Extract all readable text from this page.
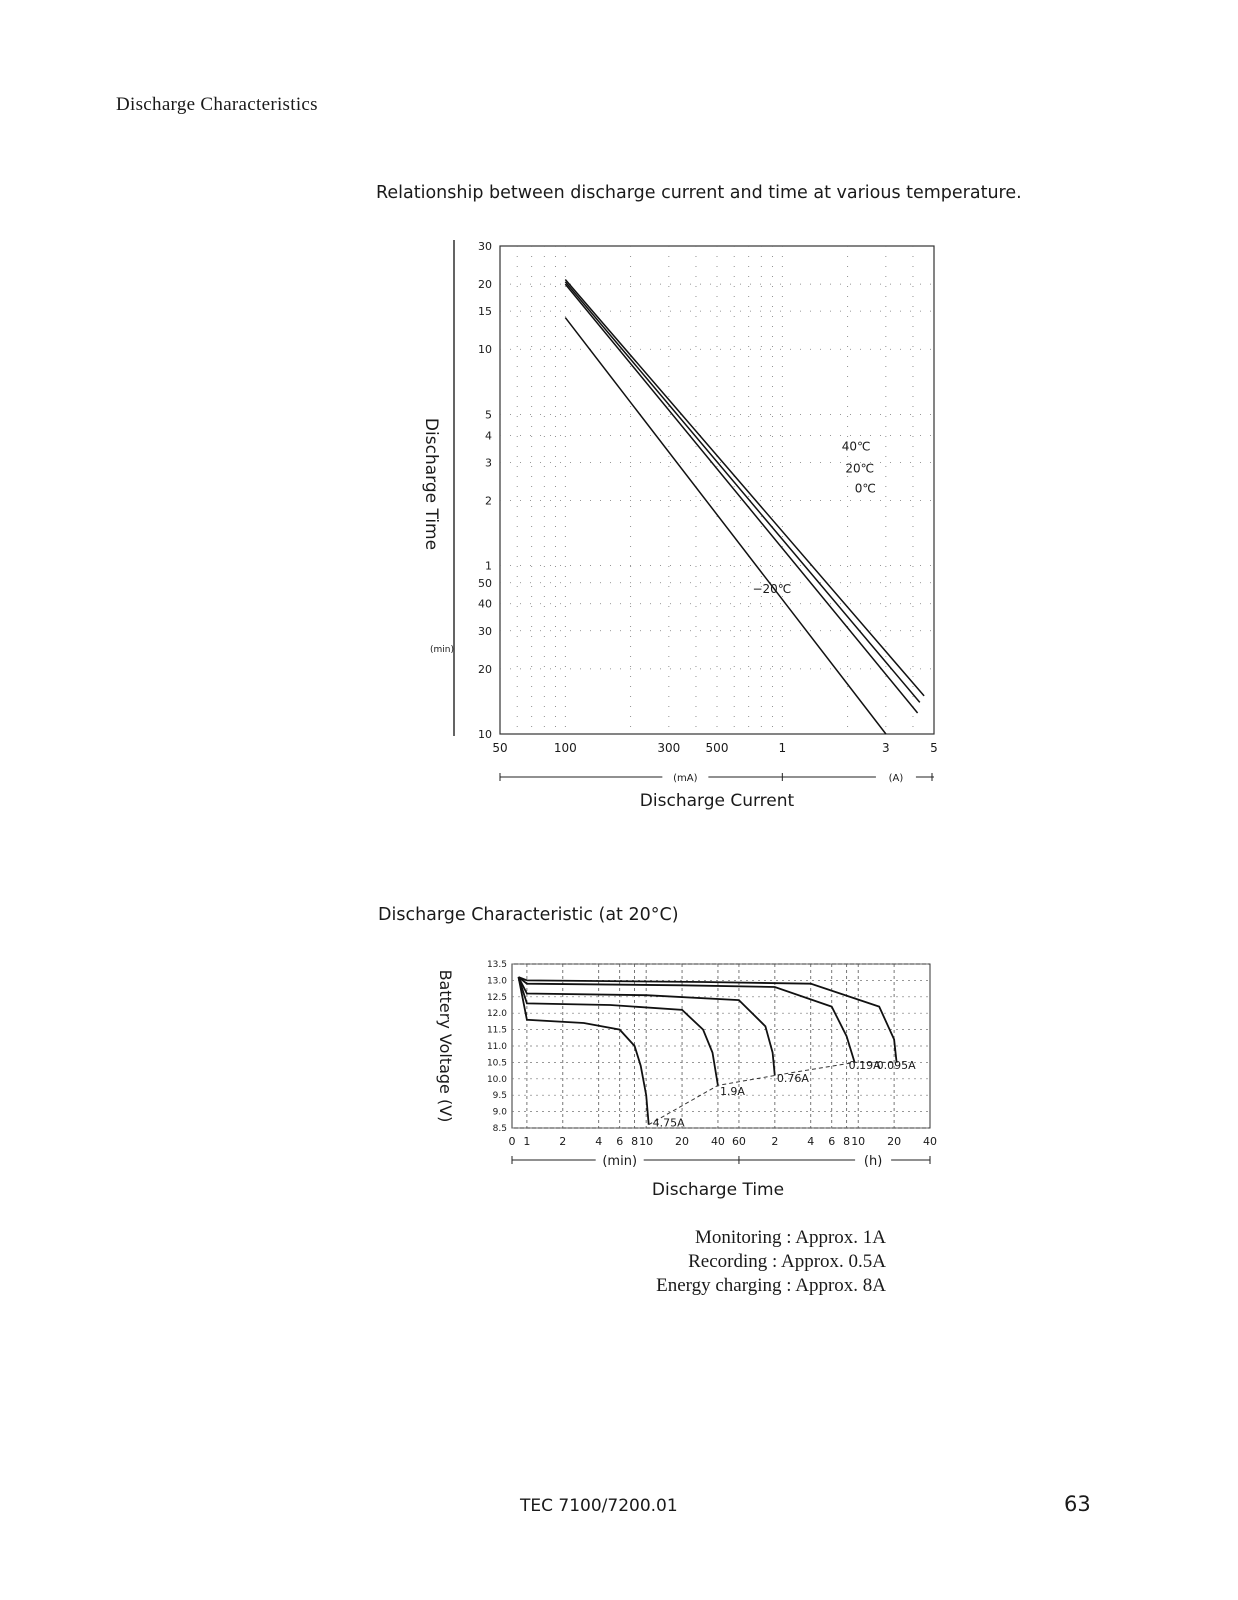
Discharge Characteristics
Relationship between discharge current and time at various temperature.
50	100	300 500	1	3	5
30
20
15
10
5
4
3
2
1
50
40
30
20
10
Discharge Time
(min)
(mA)	(A)
Discharge Current
40℃
20℃
0℃
−20℃
Discharge Characteristic (at 20°C)
13.5
13.0
12.5
12.0
11.5
11.0
10.5
10.0
9.5
9.0
8.5
0 1	2	4 6 8 10 20 40 60 2	4 6 8 10 20 40
Battery Voltage (V)
(min)	(h)
Discharge Time
4.75A
1.9A
0.76A
0.19A
0.095A
Monitoring : Approx. 1A
Recording : Approx. 0.5A
Energy charging : Approx. 8A
TEC 7100/7200.01	63
